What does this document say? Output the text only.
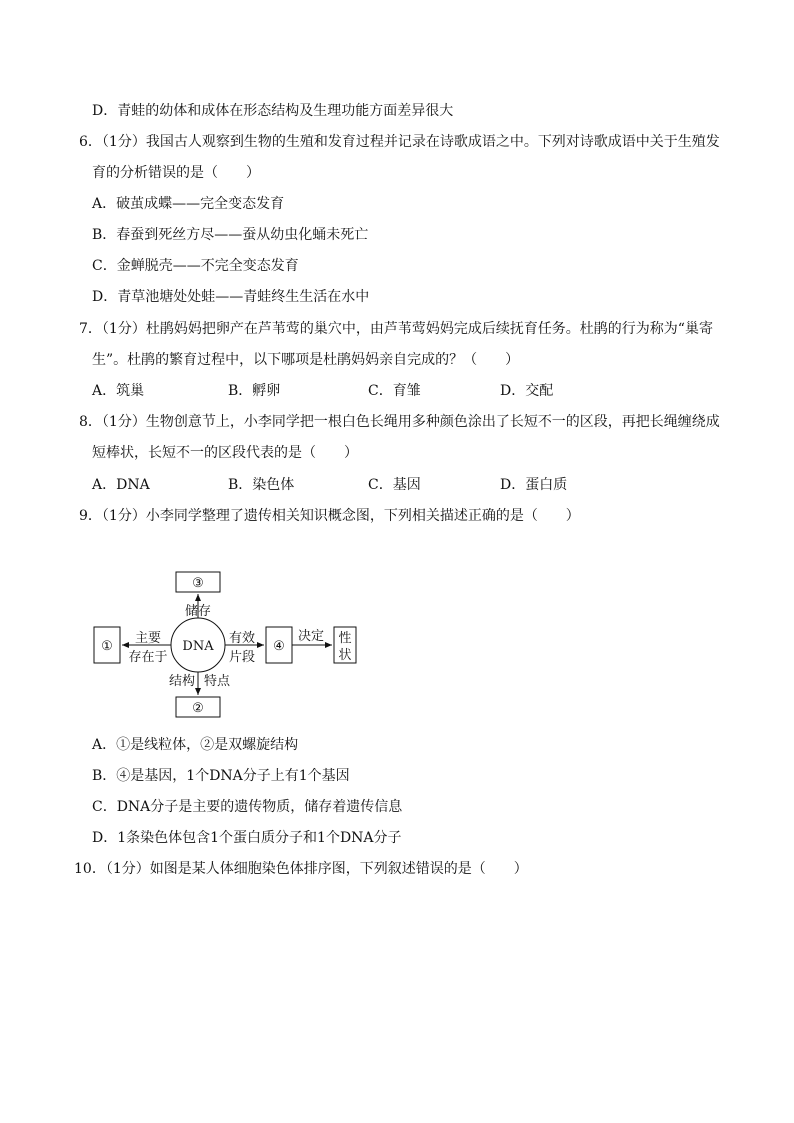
D．青蛙的幼体和成体在形态结构及生理功能方面差异很大
6．（1分）我国古人观察到生物的生殖和发育过程并记录在诗歌成语之中。下列对诗歌成语中关于生殖发
育的分析错误的是（　　）
A．破茧成蝶——完全变态发育
B．春蚕到死丝方尽——蚕从幼虫化蛹未死亡
C．金蝉脱壳——不完全变态发育
D．青草池塘处处蛙——青蛙终生生活在水中
7．（1分）杜鹃妈妈把卵产在芦苇莺的巢穴中，由芦苇莺妈妈完成后续抚育任务。杜鹃的行为称为“巢寄
生”。杜鹃的繁育过程中，以下哪项是杜鹃妈妈亲自完成的？（　　）
A．筑巢	B．孵卵	C．育雏	D．交配
8．（1分）生物创意节上，小李同学把一根白色长绳用多种颜色涂出了长短不一的区段，再把长绳缠绕成
短棒状，长短不一的区段代表的是（　　）
A．DNA	B．染色体	C．基因	D．蛋白质
9．（1分）小李同学整理了遗传相关知识概念图，下列相关描述正确的是（　　）
③
①
②
④
性
状
DNA
储存
主要
存在于
有效
片段
结构 特点
决定
A．①是线粒体，②是双螺旋结构
B．④是基因，1个DNA分子上有1个基因
C．DNA分子是主要的遗传物质，储存着遗传信息
D．1条染色体包含1个蛋白质分子和1个DNA分子
10．（1分）如图是某人体细胞染色体排序图，下列叙述错误的是（　　）
